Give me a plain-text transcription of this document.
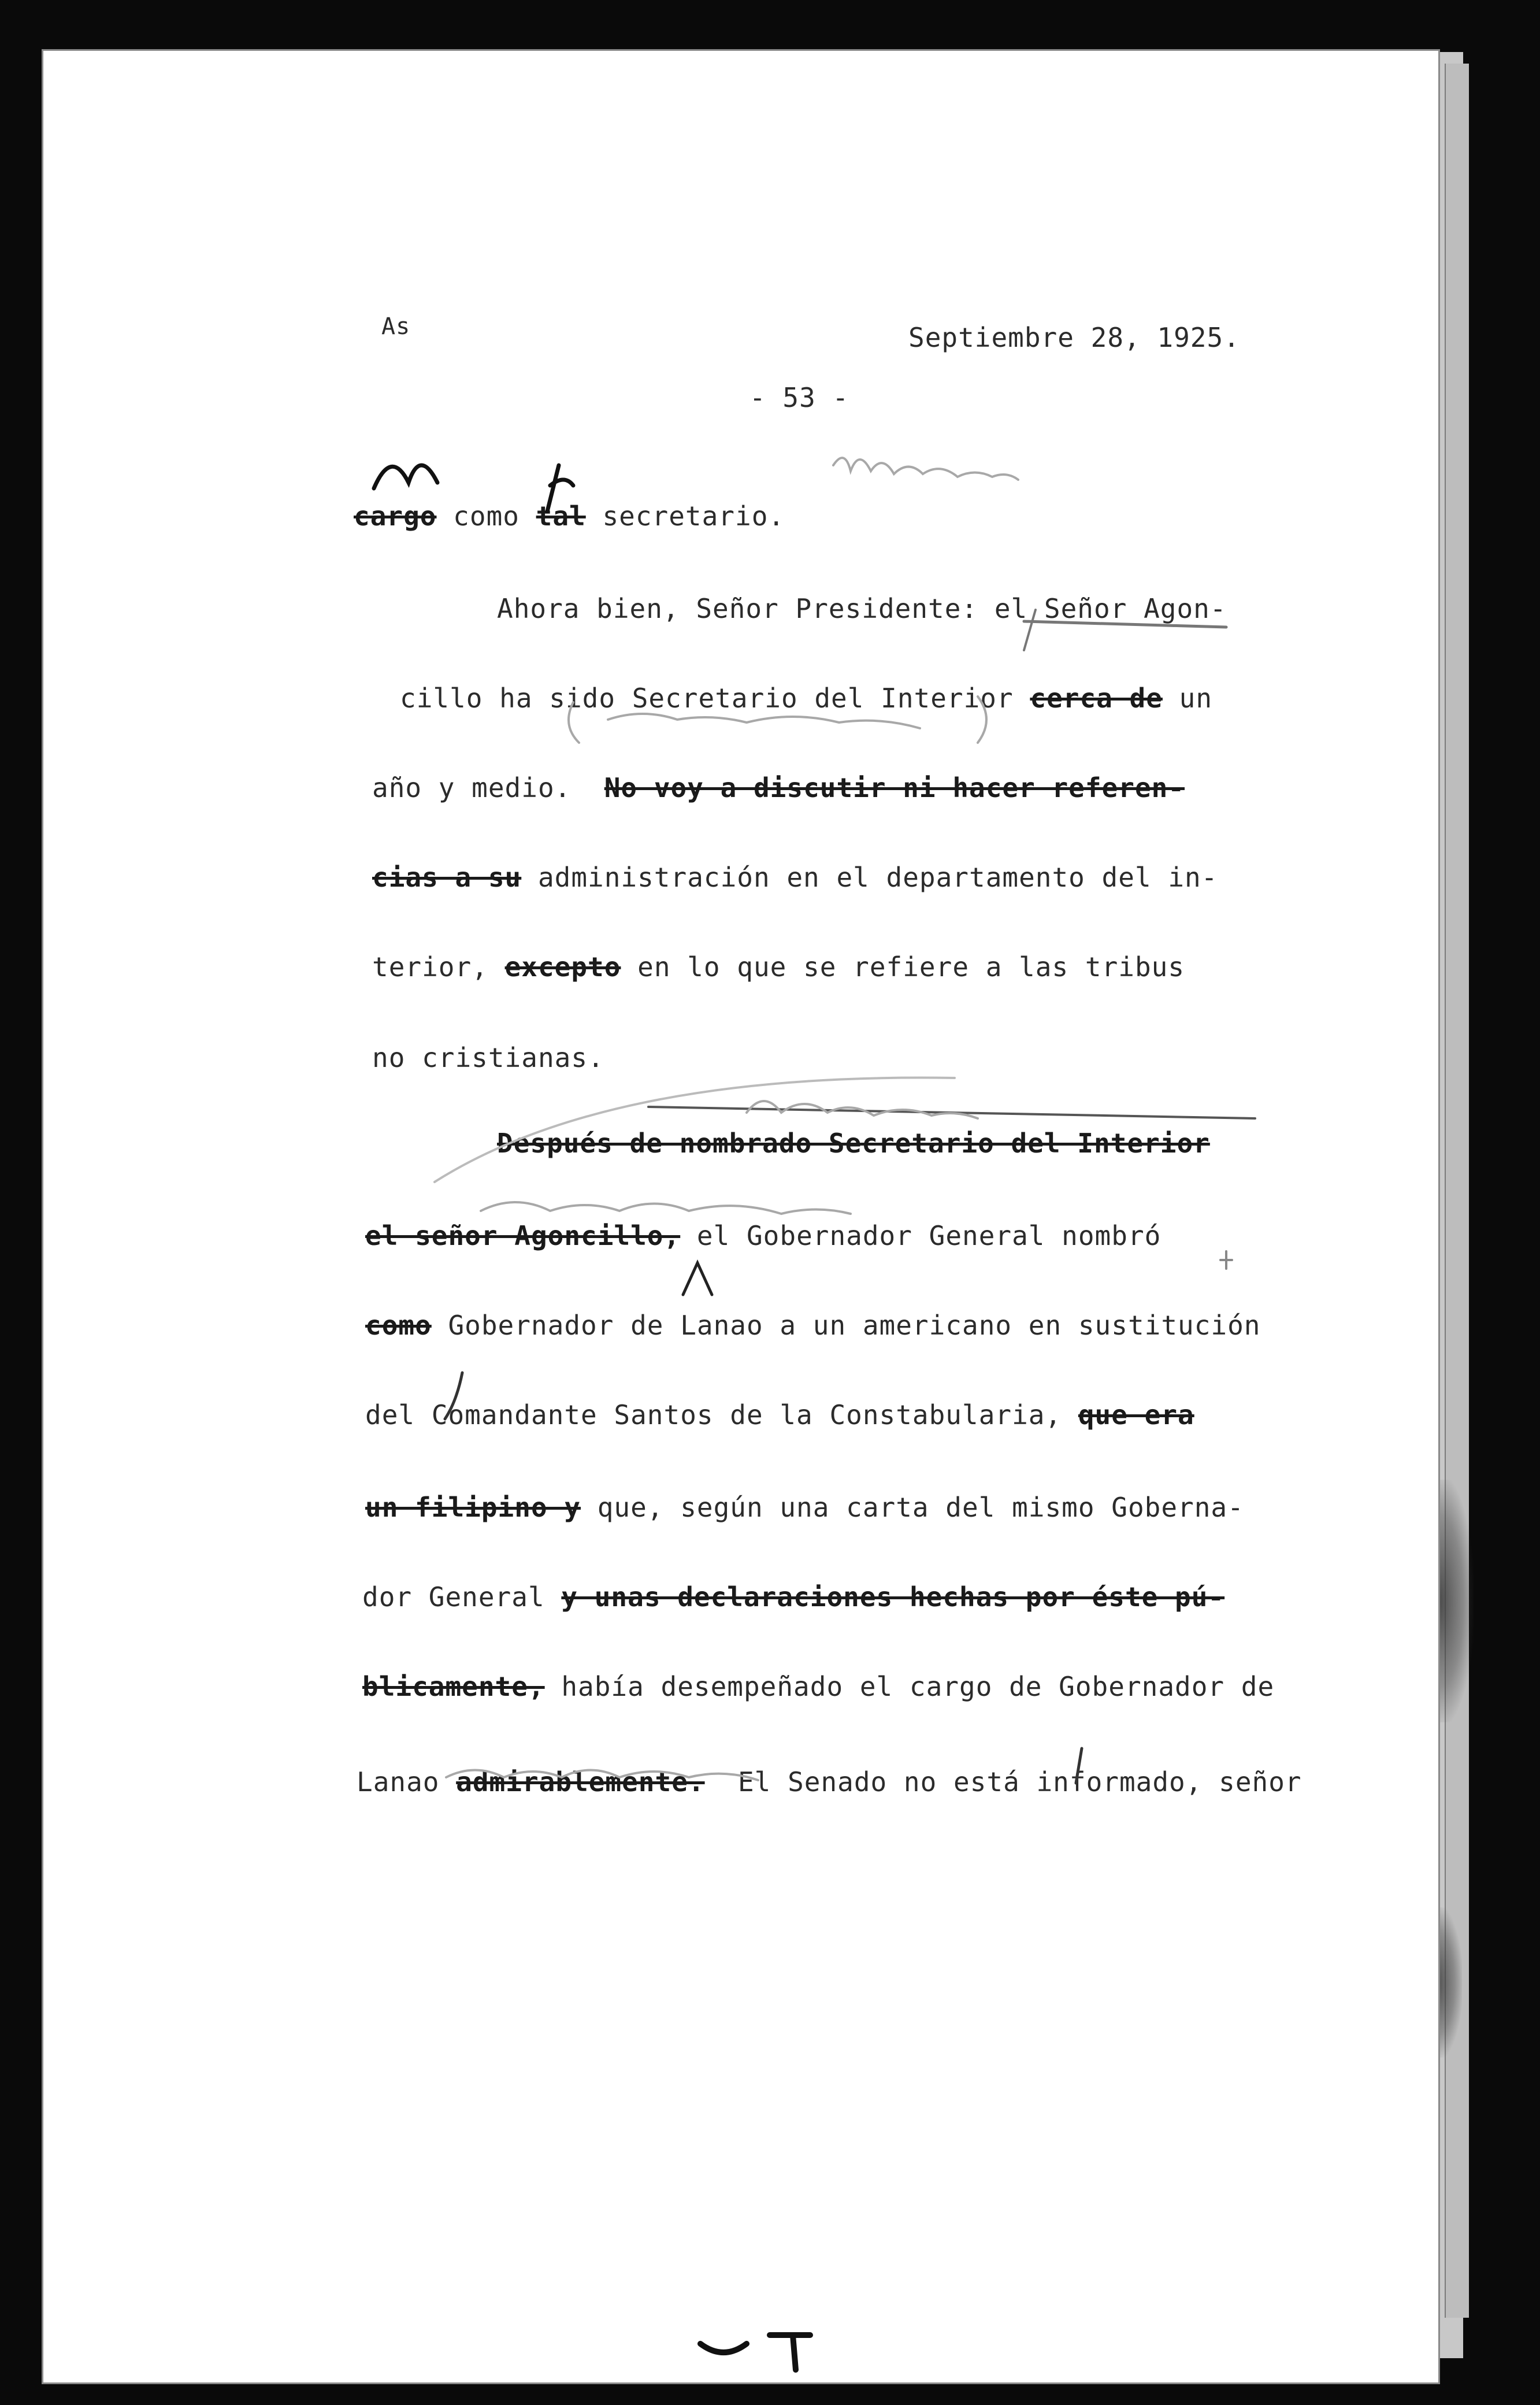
As	Septiembre 28, 1925.
- 53 -
cargo como tal secretario.
Ahora bien, Señor Presidente: el Señor Agon-
cillo ha sido Secretario del Interior cerca de un
año y medio.  No voy a discutir ni hacer referen-
cias a su administración en el departamento del in-
terior, excepto en lo que se refiere a las tribus
no cristianas.
Después de nombrado Secretario del Interior
el señor Agoncillo, el Gobernador General nombró
como Gobernador de Lanao a un americano en sustitución
del Comandante Santos de la Constabularia, que era
un filipino y que, según una carta del mismo Goberna-
dor General y unas declaraciones hechas por éste pú-
blicamente, había desempeñado el cargo de Gobernador de
Lanao admirablemente.  El Senado no está informado, señor
